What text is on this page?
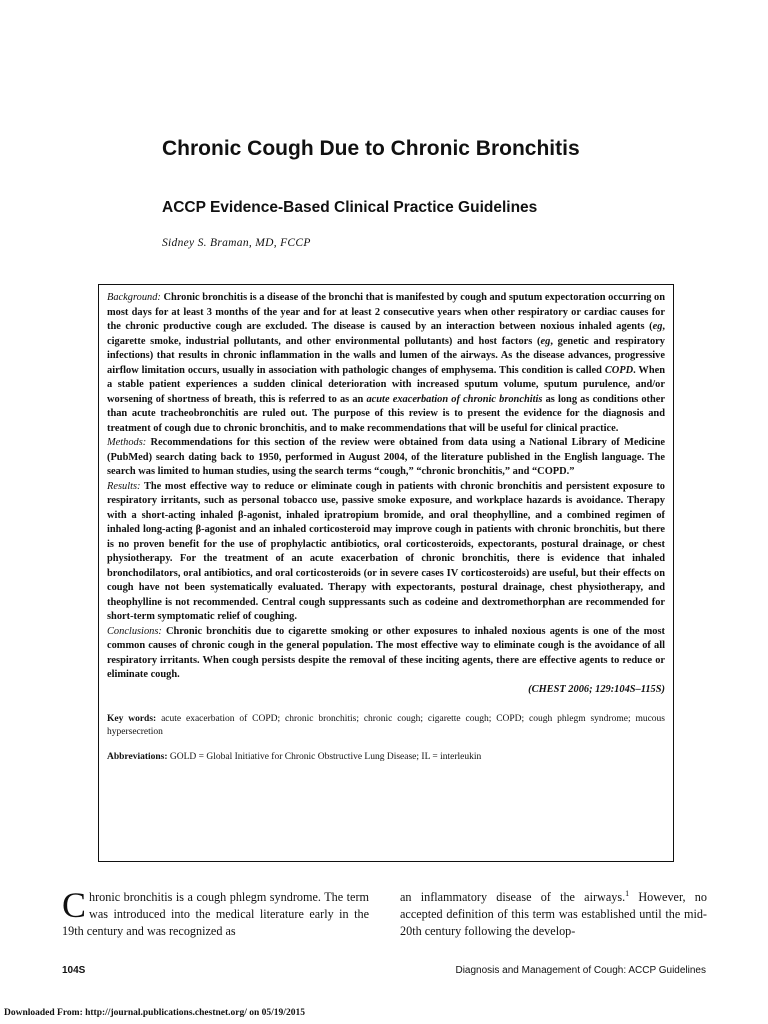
Chronic Cough Due to Chronic Bronchitis
ACCP Evidence-Based Clinical Practice Guidelines
Sidney S. Braman, MD, FCCP

Background: Chronic bronchitis is a disease of the bronchi that is manifested by cough and sputum expectoration occurring on most days for at least 3 months of the year and for at least 2 consecutive years when other respiratory or cardiac causes for the chronic productive cough are excluded. The disease is caused by an interaction between noxious inhaled agents (eg, cigarette smoke, industrial pollutants, and other environmental pollutants) and host factors (eg, genetic and respiratory infections) that results in chronic inflammation in the walls and lumen of the airways. As the disease advances, progressive airflow limitation occurs, usually in association with pathologic changes of emphysema. This condition is called COPD. When a stable patient experiences a sudden clinical deterioration with increased sputum volume, sputum purulence, and/or worsening of shortness of breath, this is referred to as an acute exacerbation of chronic bronchitis as long as conditions other than acute tracheobronchitis are ruled out. The purpose of this review is to present the evidence for the diagnosis and treatment of cough due to chronic bronchitis, and to make recommendations that will be useful for clinical practice.

Methods: Recommendations for this section of the review were obtained from data using a National Library of Medicine (PubMed) search dating back to 1950, performed in August 2004, of the literature published in the English language. The search was limited to human studies, using the search terms “cough,” “chronic bronchitis,” and “COPD.”

Results: The most effective way to reduce or eliminate cough in patients with chronic bronchitis and persistent exposure to respiratory irritants, such as personal tobacco use, passive smoke exposure, and workplace hazards is avoidance. Therapy with a short-acting inhaled β-agonist, inhaled ipratropium bromide, and oral theophylline, and a combined regimen of inhaled long-acting β-agonist and an inhaled corticosteroid may improve cough in patients with chronic bronchitis, but there is no proven benefit for the use of prophylactic antibiotics, oral corticosteroids, expectorants, postural drainage, or chest physiotherapy. For the treatment of an acute exacerbation of chronic bronchitis, there is evidence that inhaled bronchodilators, oral antibiotics, and oral corticosteroids (or in severe cases IV corticosteroids) are useful, but their effects on cough have not been systematically evaluated. Therapy with expectorants, postural drainage, chest physiotherapy, and theophylline is not recommended. Central cough suppressants such as codeine and dextromethorphan are recommended for short-term symptomatic relief of coughing.

Conclusions: Chronic bronchitis due to cigarette smoking or other exposures to inhaled noxious agents is one of the most common causes of chronic cough in the general population. The most effective way to eliminate cough is the avoidance of all respiratory irritants. When cough persists despite the removal of these inciting agents, there are effective agents to reduce or eliminate cough.

(CHEST 2006; 129:104S–115S)
Key words: acute exacerbation of COPD; chronic bronchitis; chronic cough; cigarette cough; COPD; cough phlegm syndrome; mucous hypersecretion
Abbreviations: GOLD = Global Initiative for Chronic Obstructive Lung Disease; IL = interleukin

Chronic bronchitis is a cough phlegm syndrome. The term was introduced into the medical literature early in the 19th century and was recognized as

an inflammatory disease of the airways.$^1$ However, no accepted definition of this term was established until the mid-20th century following the develop-

104S	Diagnosis and Management of Cough: ACCP Guidelines
Downloaded From: http://journal.publications.chestnet.org/ on 05/19/2015
